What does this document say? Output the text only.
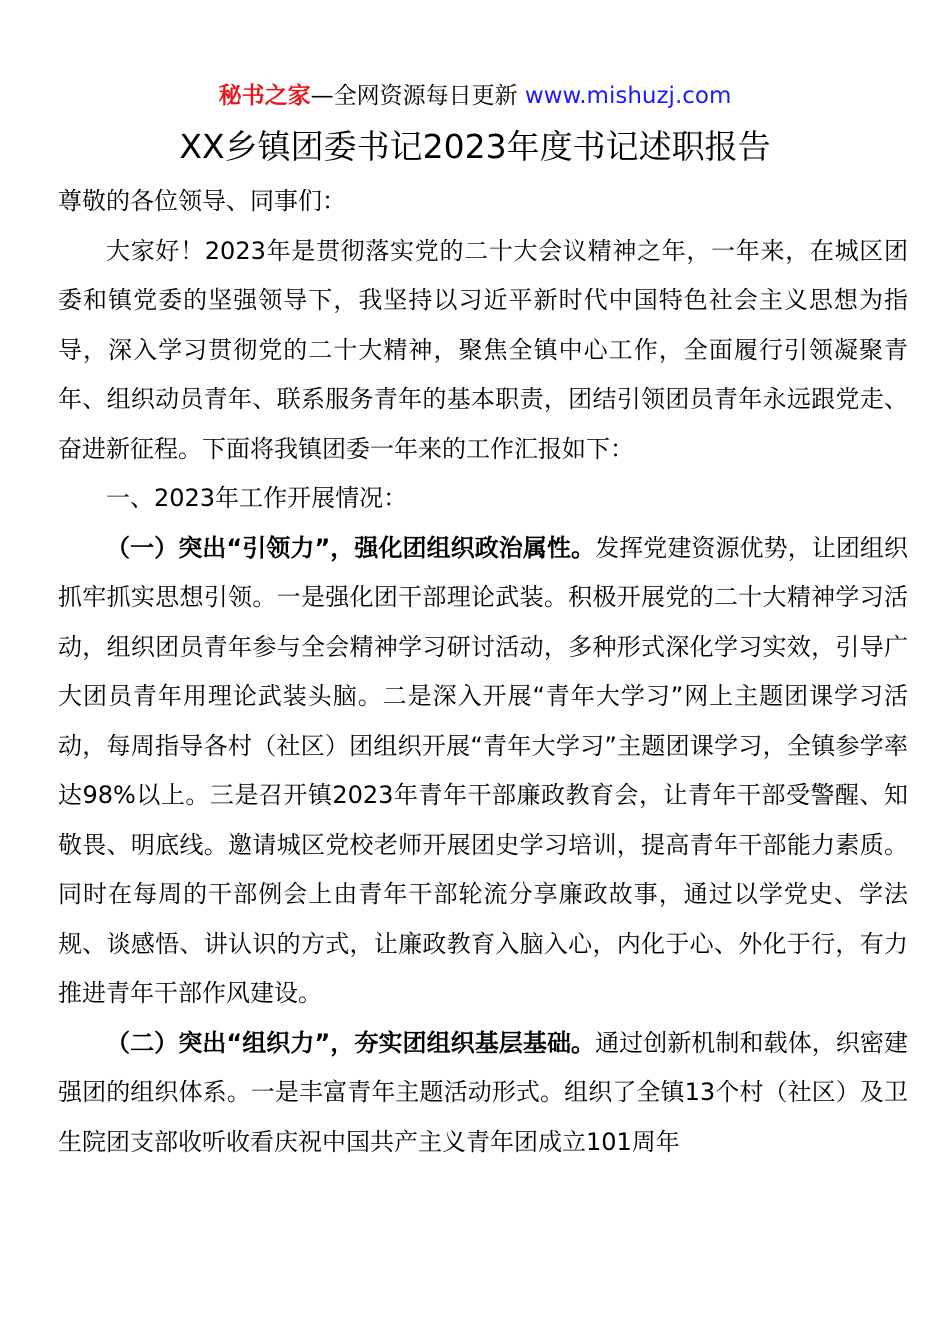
秘书之家—全网资源每日更新 www.mishuzj.com
XX乡镇团委书记2023年度书记述职报告

尊敬的各位领导、同事们：

大家好！2023年是贯彻落实党的二十大会议精神之年，一年来，在城区团委和镇党委的坚强领导下，我坚持以习近平新时代中国特色社会主义思想为指导，深入学习贯彻党的二十大精神，聚焦全镇中心工作，全面履行引领凝聚青年、组织动员青年、联系服务青年的基本职责，团结引领团员青年永远跟党走、奋进新征程。下面将我镇团委一年来的工作汇报如下：

一、2023年工作开展情况：

（一）突出“引领力”，强化团组织政治属性。发挥党建资源优势，让团组织抓牢抓实思想引领。一是强化团干部理论武装。积极开展党的二十大精神学习活动，组织团员青年参与全会精神学习研讨活动，多种形式深化学习实效，引导广大团员青年用理论武装头脑。二是深入开展“青年大学习”网上主题团课学习活动，每周指导各村（社区）团组织开展“青年大学习”主题团课学习，全镇参学率达98%以上。三是召开镇2023年青年干部廉政教育会，让青年干部受警醒、知敬畏、明底线。邀请城区党校老师开展团史学习培训，提高青年干部能力素质。同时在每周的干部例会上由青年干部轮流分享廉政故事，通过以学党史、学法规、谈感悟、讲认识的方式，让廉政教育入脑入心，内化于心、外化于行，有力推进青年干部作风建设。

（二）突出“组织力”，夯实团组织基层基础。通过创新机制和载体，织密建强团的组织体系。一是丰富青年主题活动形式。组织了全镇13个村（社区）及卫生院团支部收听收看庆祝中国共产主义青年团成立101周年
